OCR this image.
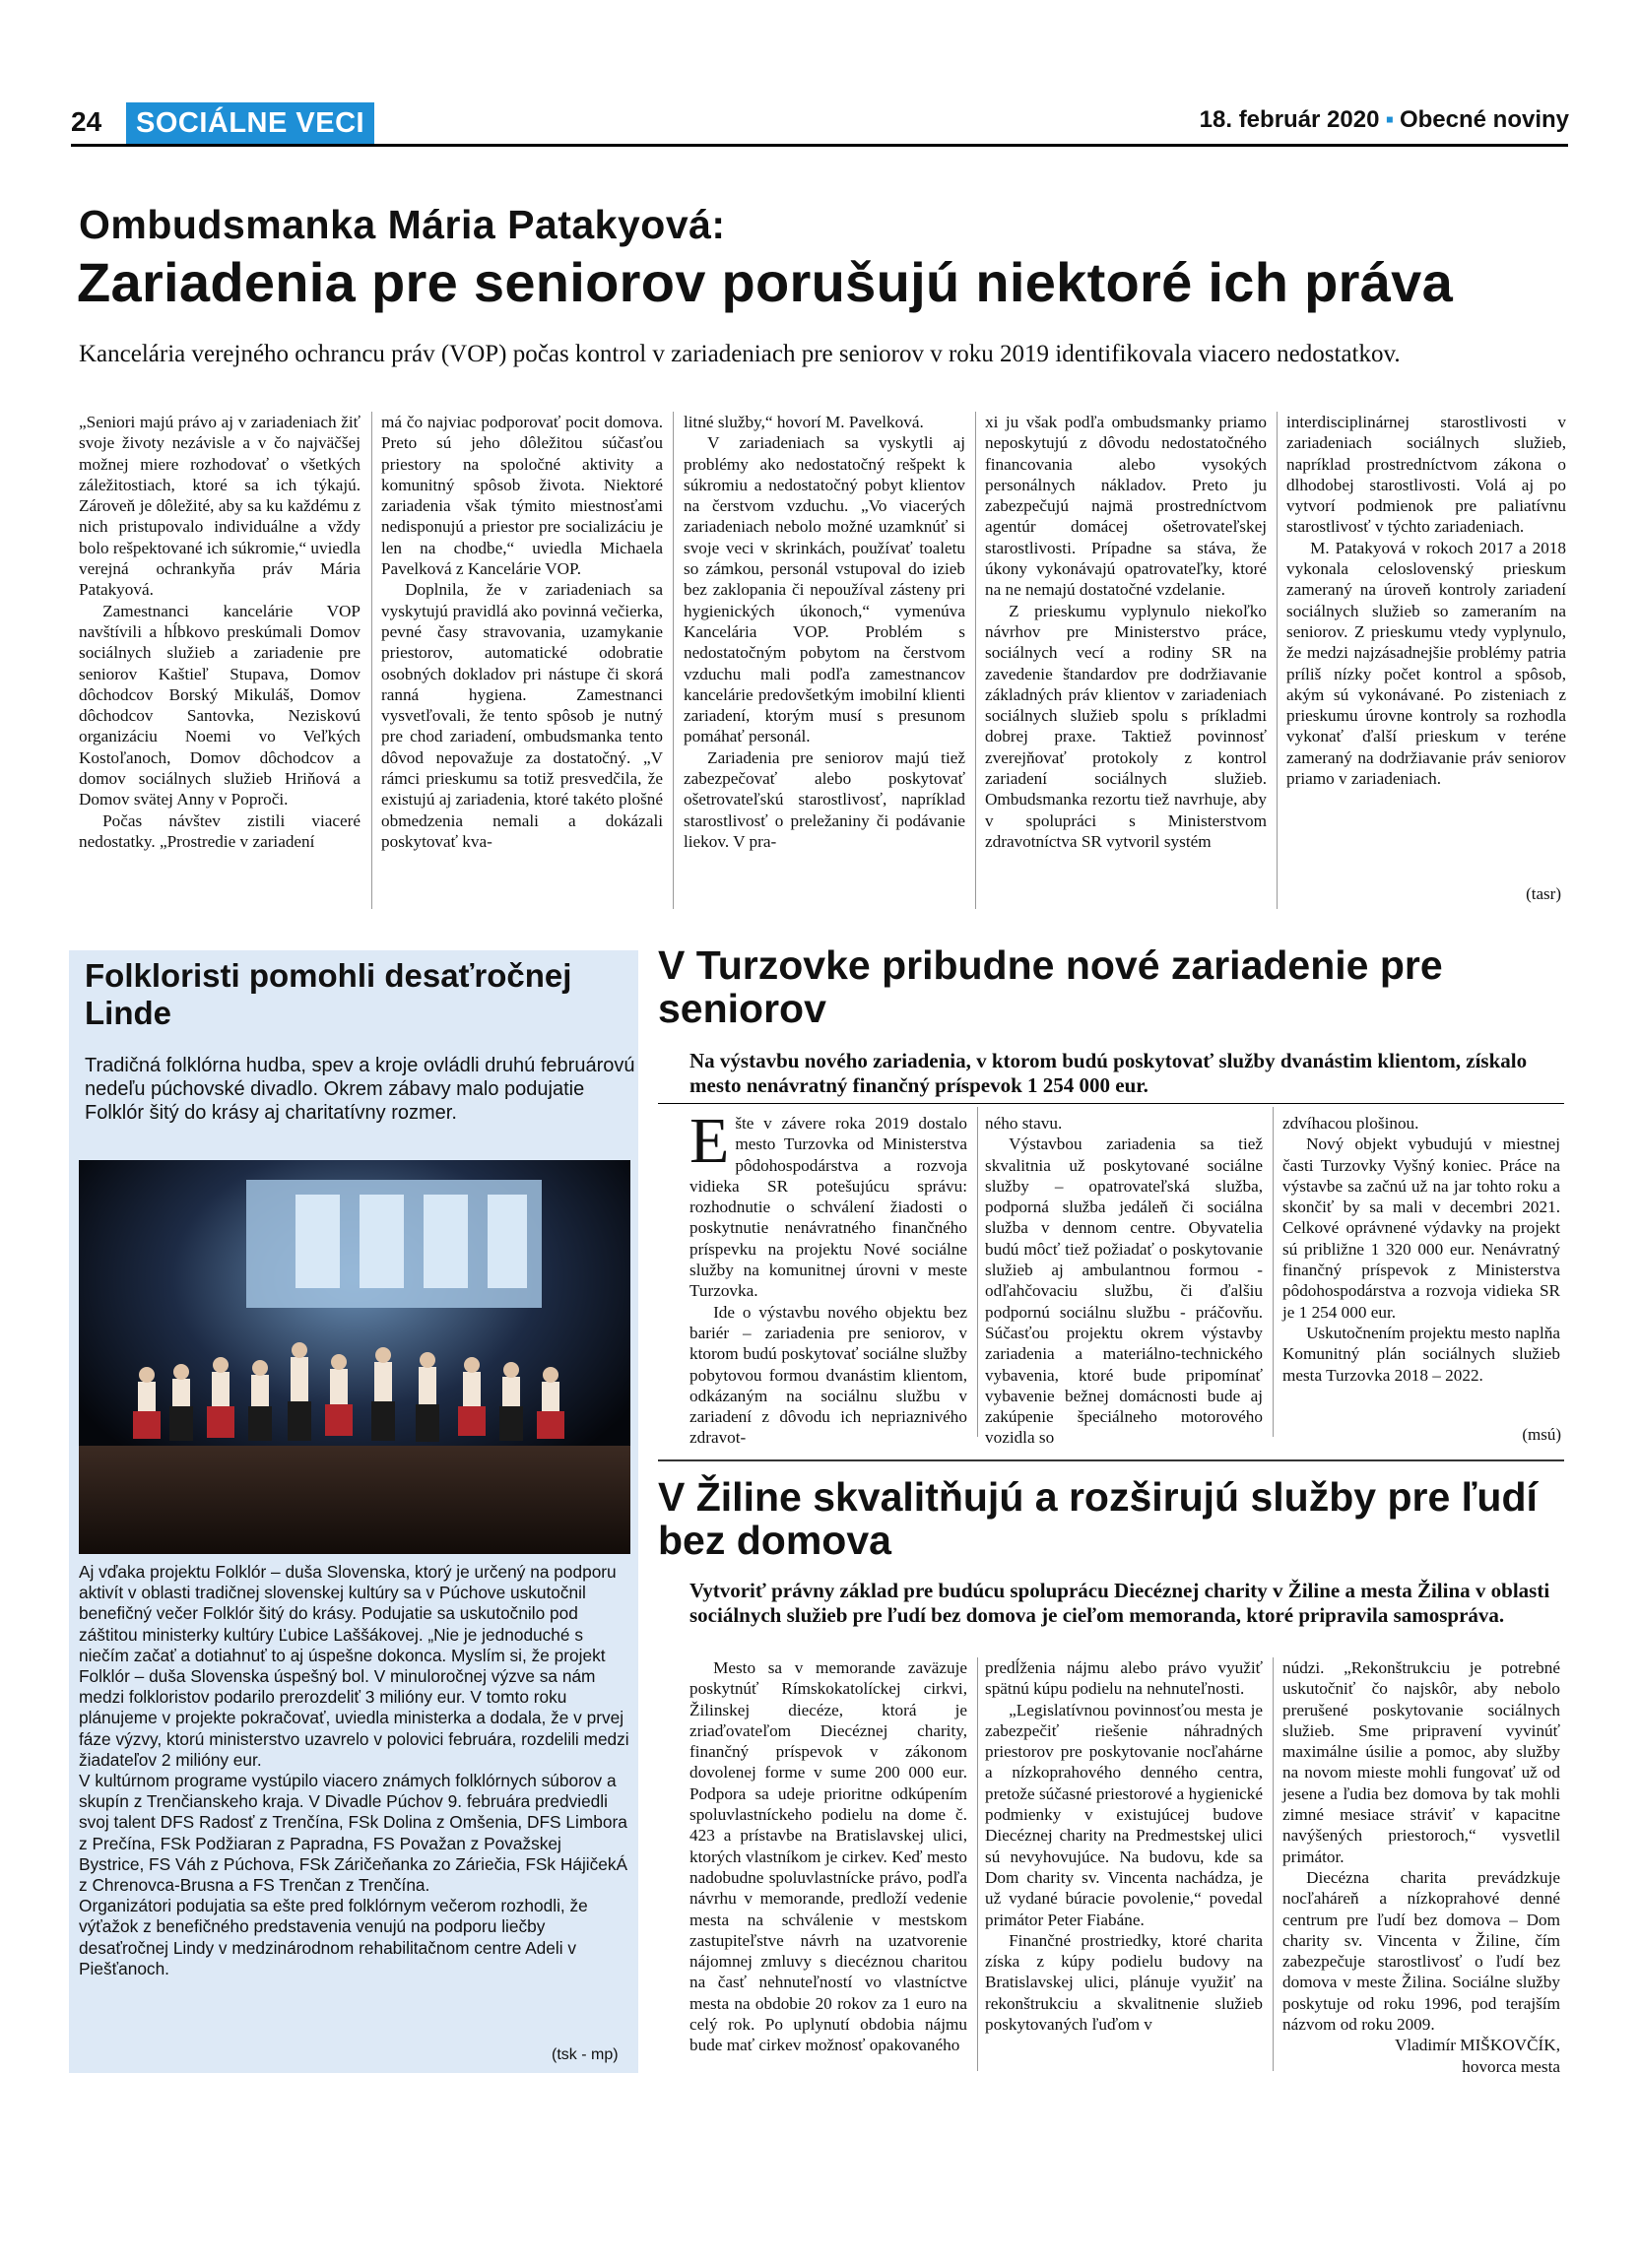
24	SOCIÁLNE VECI	18. február 2020 ▪ Obecné noviny
Ombudsmanka Mária Patakyová:
Zariadenia pre seniorov porušujú niektoré ich práva
Kancelária verejného ochrancu práv (VOP) počas kontrol v zariadeniach pre seniorov v roku 2019 identifikovala viacero nedostatkov.

„Seniori majú právo aj v zariadeniach žiť svoje životy nezávisle a v čo najväčšej možnej miere rozhodovať o všetkých záležitostiach, ktoré sa ich týkajú. Zároveň je dôležité, aby sa ku každému z nich pristupovalo individuálne a vždy bolo rešpektované ich súkromie,“ uviedla verejná ochrankyňa práv Mária Patakyová.

Zamestnanci kancelárie VOP navštívili a hĺbkovo preskúmali Domov sociálnych služieb a zariadenie pre seniorov Kaštieľ Stupava, Domov dôchodcov Borský Mikuláš, Domov dôchodcov Santovka, Neziskovú organizáciu Noemi vo Veľkých Kostoľanoch, Domov dôchodcov a domov sociálnych služieb Hriňová a Domov svätej Anny v Poproči.

Počas návštev zistili viaceré nedostatky. „Prostredie v zariadení

má čo najviac podporovať pocit domova. Preto sú jeho dôležitou súčasťou priestory na spoločné aktivity a komunitný spôsob života. Niektoré zariadenia však týmito miestnosťami nedisponujú a priestor pre socializáciu je len na chodbe,“ uviedla Michaela Pavelková z Kancelárie VOP.

Doplnila, že v zariadeniach sa vyskytujú pravidlá ako povinná večierka, pevné časy stravovania, uzamykanie priestorov, automatické odobratie osobných dokladov pri nástupe či skorá ranná hygiena. Zamestnanci vysvetľovali, že tento spôsob je nutný pre chod zariadení, ombudsmanka tento dôvod nepovažuje za dostatočný. „V rámci prieskumu sa totiž presvedčila, že existujú aj zariadenia, ktoré takéto plošné obmedzenia nemali a dokázali poskytovať kva-

litné služby,“ hovorí M. Pavelková.

V zariadeniach sa vyskytli aj problémy ako nedostatočný rešpekt k súkromiu a nedostatočný pobyt klientov na čerstvom vzduchu. „Vo viacerých zariadeniach nebolo možné uzamknúť si svoje veci v skrinkách, používať toaletu so zámkou, personál vstupoval do izieb bez zaklopania či nepoužíval zásteny pri hygienických úkonoch,“ vymenúva Kancelária VOP. Problém s nedostatočným pobytom na čerstvom vzduchu mali podľa zamestnancov kancelárie predovšetkým imobilní klienti zariadení, ktorým musí s presunom pomáhať personál.

Zariadenia pre seniorov majú tiež zabezpečovať alebo poskytovať ošetrovateľskú starostlivosť, napríklad starostlivosť o preležaniny či podávanie liekov. V pra-

xi ju však podľa ombudsmanky priamo neposkytujú z dôvodu nedostatočného financovania alebo vysokých personálnych nákladov. Preto ju zabezpečujú najmä prostredníctvom agentúr domácej ošetrovateľskej starostlivosti. Prípadne sa stáva, že úkony vykonávajú opatrovateľky, ktoré na ne nemajú dostatočné vzdelanie.

Z prieskumu vyplynulo niekoľko návrhov pre Ministerstvo práce, sociálnych vecí a rodiny SR na zavedenie štandardov pre dodržiavanie základných práv klientov v zariadeniach sociálnych služieb spolu s príkladmi dobrej praxe. Taktiež povinnosť zverejňovať protokoly z kontrol zariadení sociálnych služieb. Ombudsmanka rezortu tiež navrhuje, aby v spolupráci s Ministerstvom zdravotníctva SR vytvoril systém

interdisciplinárnej starostlivosti v zariadeniach sociálnych služieb, napríklad prostredníctvom zákona o dlhodobej starostlivosti. Volá aj po vytvorí podmienok pre paliatívnu starostlivosť v týchto zariadeniach.

M. Patakyová v rokoch 2017 a 2018 vykonala celoslovenský prieskum zameraný na úroveň kontroly zariadení sociálnych služieb so zameraním na seniorov. Z prieskumu vtedy vyplynulo, že medzi najzásadnejšie problémy patria príliš nízky počet kontrol a spôsob, akým sú vykonávané. Po zisteniach z prieskumu úrovne kontroly sa rozhodla vykonať ďalší prieskum v teréne zameraný na dodržiavanie práv seniorov priamo v zariadeniach.

(tasr)
Folkloristi pomohli desaťročnej Linde
Tradičná folklórna hudba, spev a kroje ovládli druhú februárovú nedeľu púchovské divadlo. Okrem zábavy malo podujatie Folklór šitý do krásy aj charitatívny rozmer.

Aj vďaka projektu Folklór – duša Slovenska, ktorý je určený na podporu aktivít v oblasti tradičnej slovenskej kultúry sa v Púchove uskutočnil benefičný večer Folklór šitý do krásy. Podujatie sa uskutočnilo pod záštitou ministerky kultúry Ľubice Laššákovej. „Nie je jednoduché s niečím začať a dotiahnuť to aj úspešne dokonca. Myslím si, že projekt Folklór – duša Slovenska úspešný bol. V minuloročnej výzve sa nám medzi folkloristov podarilo prerozdeliť 3 milióny eur. V tomto roku plánujeme v projekte pokračovať, uviedla ministerka a dodala, že v prvej fáze výzvy, ktorú ministerstvo uzavrelo v polovici februára, rozdelili medzi žiadateľov 2 milióny eur.

V kultúrnom programe vystúpilo viacero známych folklórnych súborov a skupín z Trenčianskeho kraja. V Divadle Púchov 9. februára predviedli svoj talent DFS Radosť z Trenčína, FSk Dolina z Omšenia, DFS Limbora z Prečína, FSk Podžiaran z Papradna, FS Považan z Považskej Bystrice, FS Váh z Púchova, FSk Záričeňanka zo Záriečia, FSk HájičekÁ z Chrenovca-Brusna a FS Trenčan z Trenčína.

Organizátori podujatia sa ešte pred folklórnym večerom rozhodli, že výťažok z benefičného predstavenia venujú na podporu liečby desaťročnej Lindy v medzinárodnom rehabilitačnom centre Adeli v Piešťanoch.

(tsk - mp)
V Turzovke pribudne nové zariadenie pre seniorov
Na výstavbu nového zariadenia, v ktorom budú poskytovať služby dvanástim klientom, získalo mesto nenávratný finančný príspevok 1 254 000 eur.

Ešte v závere roka 2019 dostalo mesto Turzovka od Ministerstva pôdohospodárstva a rozvoja vidieka SR potešujúcu správu: rozhodnutie o schválení žiadosti o poskytnutie nenávratného finančného príspevku na projektu Nové sociálne služby na komunitnej úrovni v meste Turzovka.

Ide o výstavbu nového objektu bez bariér – zariadenia pre seniorov, v ktorom budú poskytovať sociálne služby pobytovou formou dvanástim klientom, odkázaným na sociálnu službu v zariadení z dôvodu ich nepriaznivého zdravot-

ného stavu.

Výstavbou zariadenia sa tiež skvalitnia už poskytované sociálne služby – opatrovateľská služba, podporná služba jedáleň či sociálna služba v dennom centre. Obyvatelia budú môcť tiež požiadať o poskytovanie služieb aj ambulantnou formou - odľahčovaciu službu, či ďalšiu podpornú sociálnu službu - práčovňu. Súčasťou projektu okrem výstavby zariadenia a materiálno-technického vybavenia, ktoré bude pripomínať vybavenie bežnej domácnosti bude aj zakúpenie špeciálneho motorového vozidla so

zdvíhacou plošinou.

Nový objekt vybudujú v miestnej časti Turzovky Vyšný koniec. Práce na výstavbe sa začnú už na jar tohto roku a skončiť by sa mali v decembri 2021. Celkové oprávnené výdavky na projekt sú približne 1 320 000 eur. Nenávratný finančný príspevok z Ministerstva pôdohospodárstva a rozvoja vidieka SR je 1 254 000 eur.

Uskutočnením projektu mesto naplňa Komunitný plán sociálnych služieb mesta Turzovka 2018 – 2022.

(msú)
V Žiline skvalitňujú a rozširujú služby pre ľudí bez domova
Vytvoriť právny základ pre budúcu spoluprácu Diecéznej charity v Žiline a mesta Žilina v oblasti sociálnych služieb pre ľudí bez domova je cieľom memoranda, ktoré pripravila samospráva.

Mesto sa v memorande zaväzuje poskytnúť Rímskokatolíckej cirkvi, Žilinskej diecéze, ktorá je zriaďovateľom Diecéznej charity, finančný príspevok v zákonom dovolenej forme v sume 200 000 eur. Podpora sa udeje prioritne odkúpením spoluvlastníckeho podielu na dome č. 423 a prístavbe na Bratislavskej ulici, ktorých vlastníkom je cirkev. Keď mesto nadobudne spoluvlastnícke právo, podľa návrhu v memorande, predloží vedenie mesta na schválenie v mestskom zastupiteľstve návrh na uzatvorenie nájomnej zmluvy s diecéznou charitou na časť nehnuteľností vo vlastníctve mesta na obdobie 20 rokov za 1 euro na celý rok. Po uplynutí obdobia nájmu bude mať cirkev možnosť opakovaného

predĺženia nájmu alebo právo využiť spätnú kúpu podielu na nehnuteľnosti.

„Legislatívnou povinnosťou mesta je zabezpečiť riešenie náhradných priestorov pre poskytovanie nocľahárne a nízkoprahového denného centra, pretože súčasné priestorové a hygienické podmienky v existujúcej budove Diecéznej charity na Predmestskej ulici sú nevyhovujúce. Na budovu, kde sa Dom charity sv. Vincenta nachádza, je už vydané búracie povolenie,“ povedal primátor Peter Fiabáne.

Finančné prostriedky, ktoré charita získa z kúpy podielu budovy na Bratislavskej ulici, plánuje využiť na rekonštrukciu a skvalitnenie služieb poskytovaných ľuďom v

núdzi. „Rekonštrukciu je potrebné uskutočniť čo najskôr, aby nebolo prerušené poskytovanie sociálnych služieb. Sme pripravení vyvinúť maximálne úsilie a pomoc, aby služby na novom mieste mohli fungovať už od jesene a ľudia bez domova by tak mohli zimné mesiace stráviť v kapacitne navýšených priestoroch,“ vysvetlil primátor.

Diecézna charita prevádzkuje nocľaháreň a nízkoprahové denné centrum pre ľudí bez domova – Dom charity sv. Vincenta v Žiline, čím zabezpečuje starostlivosť o ľudí bez domova v meste Žilina. Sociálne služby poskytuje od roku 1996, pod terajším názvom od roku 2009.

Vladimír MIŠKOVČÍK,

hovorca mesta
